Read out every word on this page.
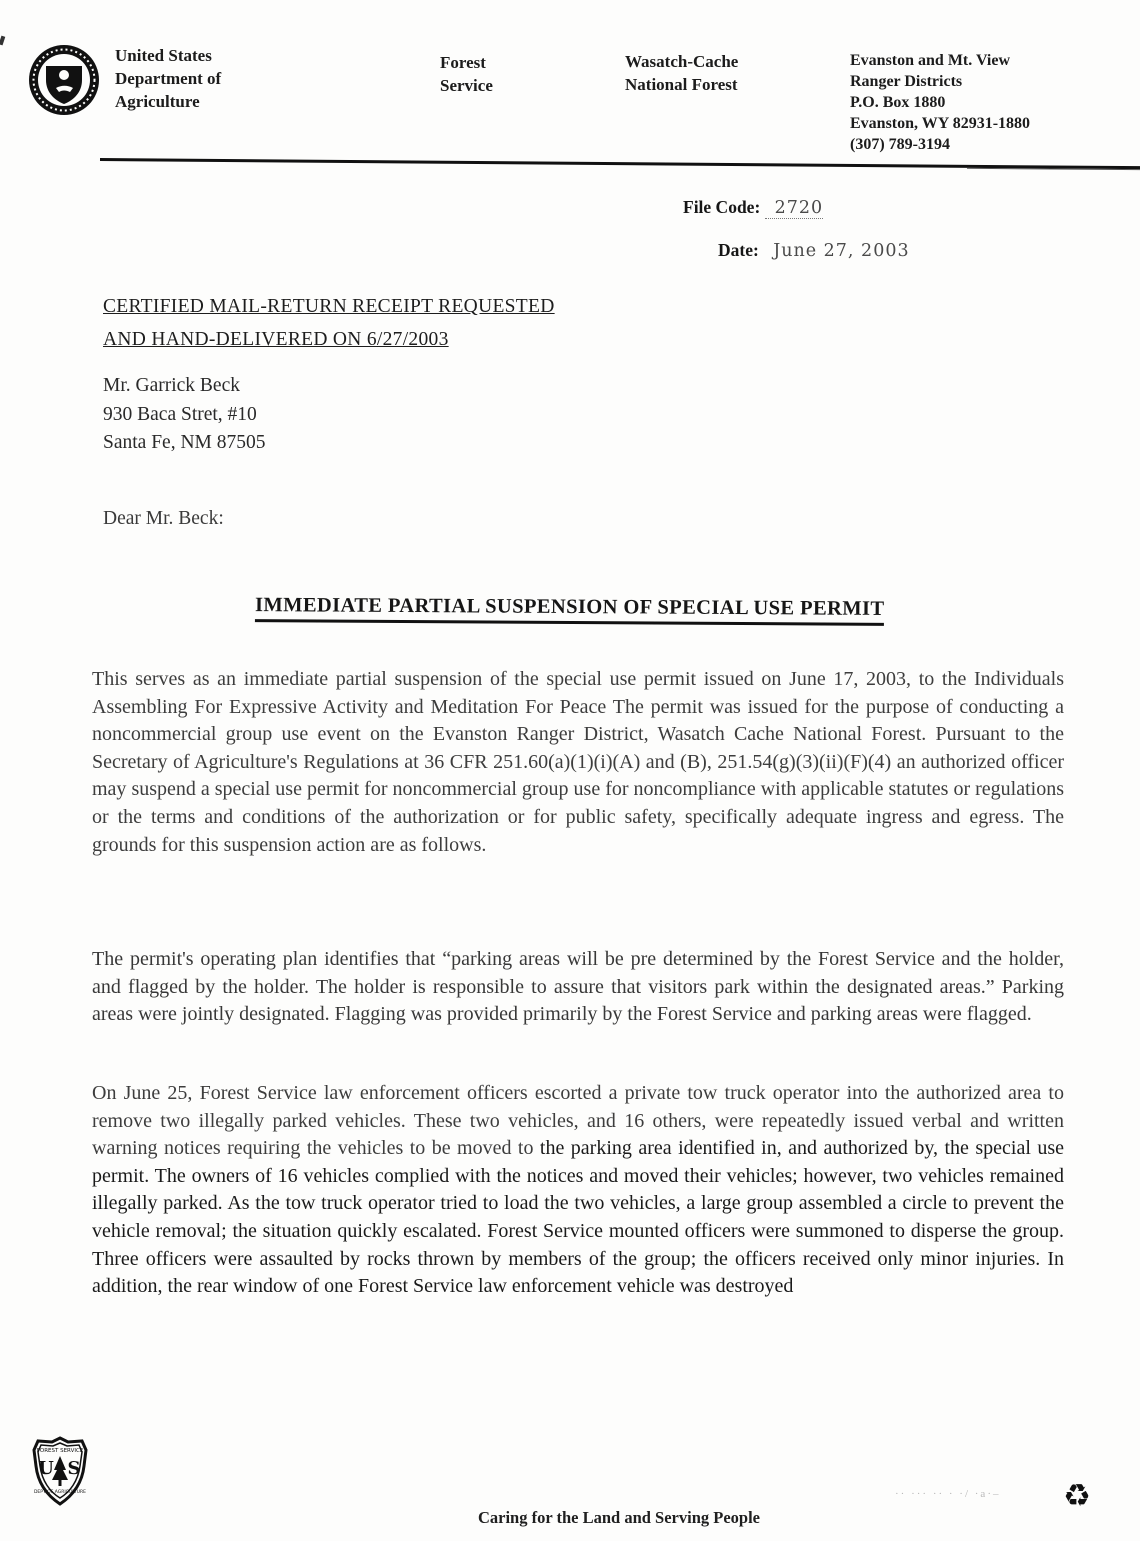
United States
Department of
Agriculture
Forest
Service
Wasatch-Cache
National Forest
Evanston and Mt. View
Ranger Districts
P.O. Box 1880
Evanston, WY 82931-1880
(307) 789-3194
File Code: 2720
Date: June 27, 2003
CERTIFIED MAIL-RETURN RECEIPT REQUESTED
AND HAND-DELIVERED ON 6/27/2003
Mr. Garrick Beck
930 Baca Stret, #10
Santa Fe, NM 87505
Dear Mr. Beck:
IMMEDIATE PARTIAL SUSPENSION OF SPECIAL USE PERMIT

This serves as an immediate partial suspension of the special use permit issued on June 17, 2003, to the Individuals Assembling For Expressive Activity and Meditation For Peace The permit was issued for the purpose of conducting a noncommercial group use event on the Evanston Ranger District, Wasatch Cache National Forest. Pursuant to the Secretary of Agriculture's Regulations at 36 CFR 251.60(a)(1)(i)(A) and (B), 251.54(g)(3)(ii)(F)(4) an authorized officer may suspend a special use permit for noncommercial group use for noncompliance with applicable statutes or regulations or the terms and conditions of the authorization or for public safety, specifically adequate ingress and egress. The grounds for this suspension action are as follows.

The permit's operating plan identifies that “parking areas will be pre determined by the Forest Service and the holder, and flagged by the holder. The holder is responsible to assure that visitors park within the designated areas.” Parking areas were jointly designated. Flagging was provided primarily by the Forest Service and parking areas were flagged.

On June 25, Forest Service law enforcement officers escorted a private tow truck operator into the authorized area to remove two illegally parked vehicles. These two vehicles, and 16 others, were repeatedly issued verbal and written warning notices requiring the vehicles to be moved to the parking area identified in, and authorized by, the special use permit. The owners of 16 vehicles complied with the notices and moved their vehicles; however, two vehicles remained illegally parked. As the tow truck operator tried to load the two vehicles, a large group assembled a circle to prevent the vehicle removal; the situation quickly escalated. Forest Service mounted officers were summoned to disperse the group. Three officers were assaulted by rocks thrown by members of the group; the officers received only minor injuries. In addition, the rear window of one Forest Service law enforcement vehicle was destroyed

FOREST SERVICE
U S
DEPT OF AGRICULTURE
Caring for the Land and Serving People
·· ··· ·· · ·/ ·a·–	♻
